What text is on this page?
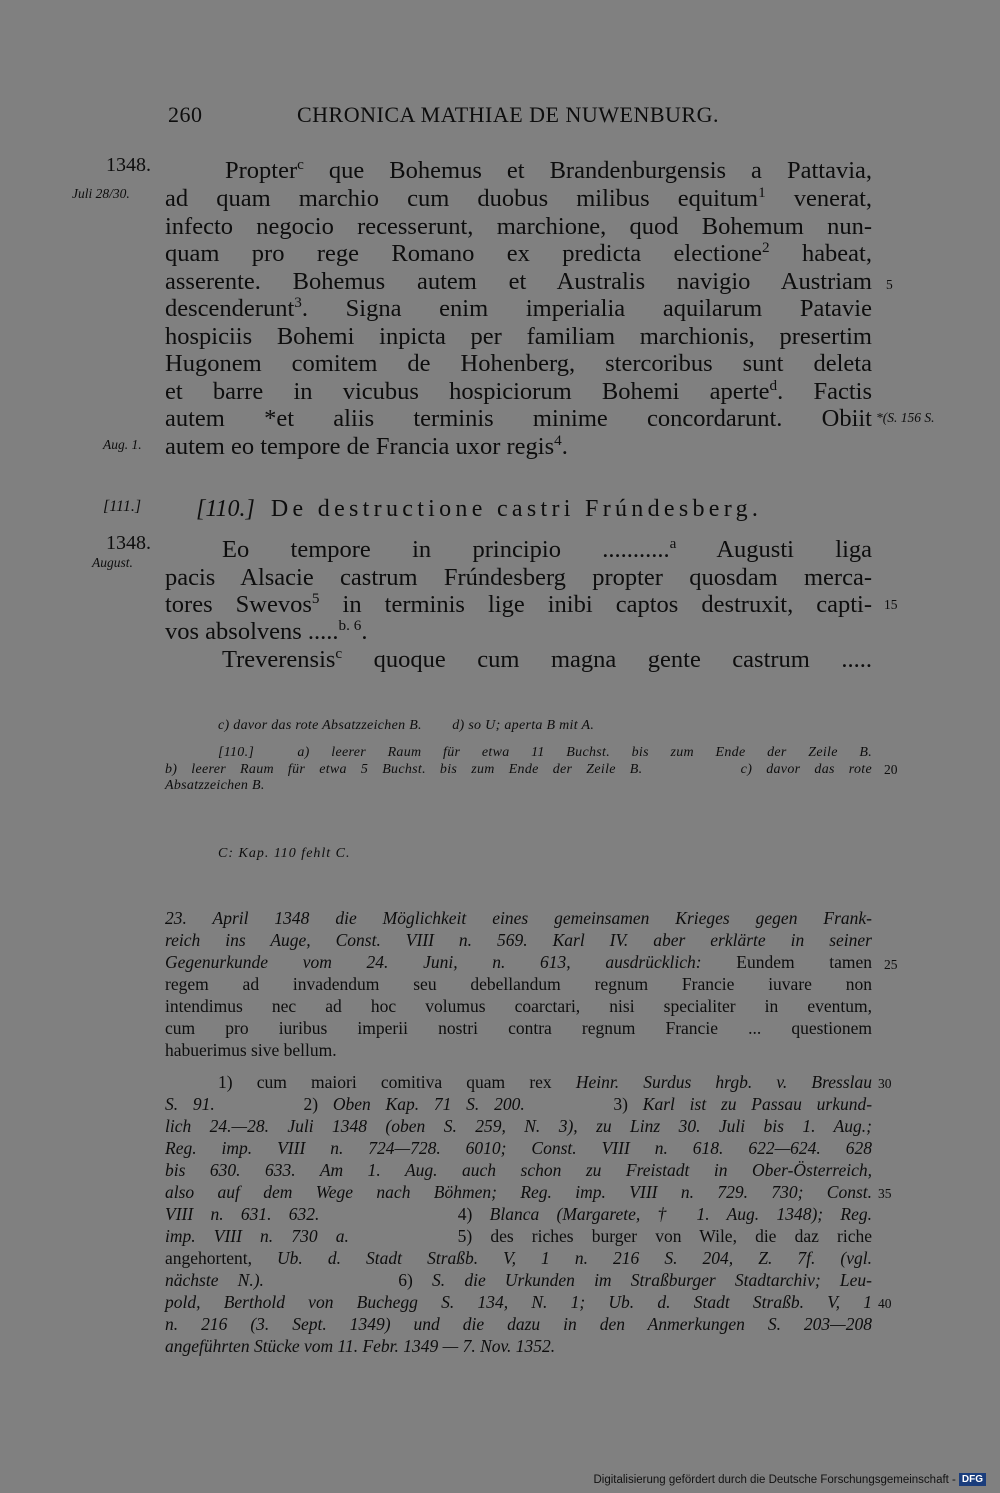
260	CHRONICA MATHIAE DE NUWENBURG.
1348.
Juli 28/30.
Aug. 1.
[111.]
1348.
August.
5
*(S. 156 S.
15
20
25
30
35
40
Propter$^c$ que Bohemus et Brandenburgensis a Pattavia,
ad quam marchio cum duobus milibus equitum$^1$ venerat,
infecto negocio recesserunt, marchione, quod Bohemum nun-
quam pro rege Romano ex predicta electione$^2$ habeat,
asserente. Bohemus autem et Australis navigio Austriam
descenderunt$^3$. Signa enim imperialia aquilarum Patavie
hospiciis Bohemi inpicta per familiam marchionis, presertim
Hugonem comitem de Hohenberg, stercoribus sunt deleta
et barre in vicubus hospiciorum Bohemi aperte$^d$. Factis
autem *et aliis terminis minime concordarunt. Obiit
autem eo tempore de Francia uxor regis$^4$.
[110.] De destructione castri Frúndesberg.
Eo tempore in principio ...........$^a$ Augusti liga
pacis Alsacie castrum Frúndesberg propter quosdam merca-
tores Swevos$^5$ in terminis lige inibi captos destruxit, capti-
vos absolvens .....$^{b. 6}$.
Treverensis$^c$ quoque cum magna gente castrum .....
c) davor das rote Absatzzeichen B.        d) so U; aperta B mit A.
[110.]  a) leerer Raum für etwa 11 Buchst. bis zum Ende der Zeile B.
b) leerer Raum für etwa 5 Buchst. bis zum Ende der Zeile B.       c) davor das rote
Absatzzeichen B.
C: Kap. 110 fehlt C.
23. April 1348 die Möglichkeit eines gemeinsamen Krieges gegen Frank-
reich ins Auge, Const. VIII n. 569. Karl IV. aber erklärte in seiner
Gegenurkunde vom 24. Juni, n. 613, ausdrücklich: Eundem tamen
regem ad invadendum seu debellandum regnum Francie iuvare non
intendimus nec ad hoc volumus coarctari, nisi specialiter in eventum,
cum pro iuribus imperii nostri contra regnum Francie ... questionem
habuerimus sive bellum.
1) cum maiori comitiva quam rex Heinr. Surdus hrgb. v. Bresslau
S. 91.      2) Oben Kap. 71 S. 200.      3) Karl ist zu Passau urkund-
lich 24.—28. Juli 1348 (oben S. 259, N. 3), zu Linz 30. Juli bis 1. Aug.;
Reg. imp. VIII n. 724—728. 6010; Const. VIII n. 618. 622—624. 628
bis 630. 633. Am 1. Aug. auch schon zu Freistadt in Ober-Österreich,
also auf dem Wege nach Böhmen; Reg. imp. VIII n. 729. 730; Const.
VIII n. 631. 632.        4) Blanca (Margarete, † 1. Aug. 1348); Reg.
imp. VIII n. 730 a.      5) des riches burger von Wile, die daz riche
angehortent, Ub. d. Stadt Straßb. V, 1 n. 216 S. 204, Z. 7f. (vgl.
nächste N.).       6) S. die Urkunden im Straßburger Stadtarchiv; Leu-
pold, Berthold von Buchegg S. 134, N. 1; Ub. d. Stadt Straßb. V, 1
n. 216 (3. Sept. 1349) und die dazu in den Anmerkungen S. 203—208
angeführten Stücke vom 11. Febr. 1349 — 7. Nov. 1352.
Digitalisierung gefördert durch die Deutsche Forschungsgemeinschaft - DFG
